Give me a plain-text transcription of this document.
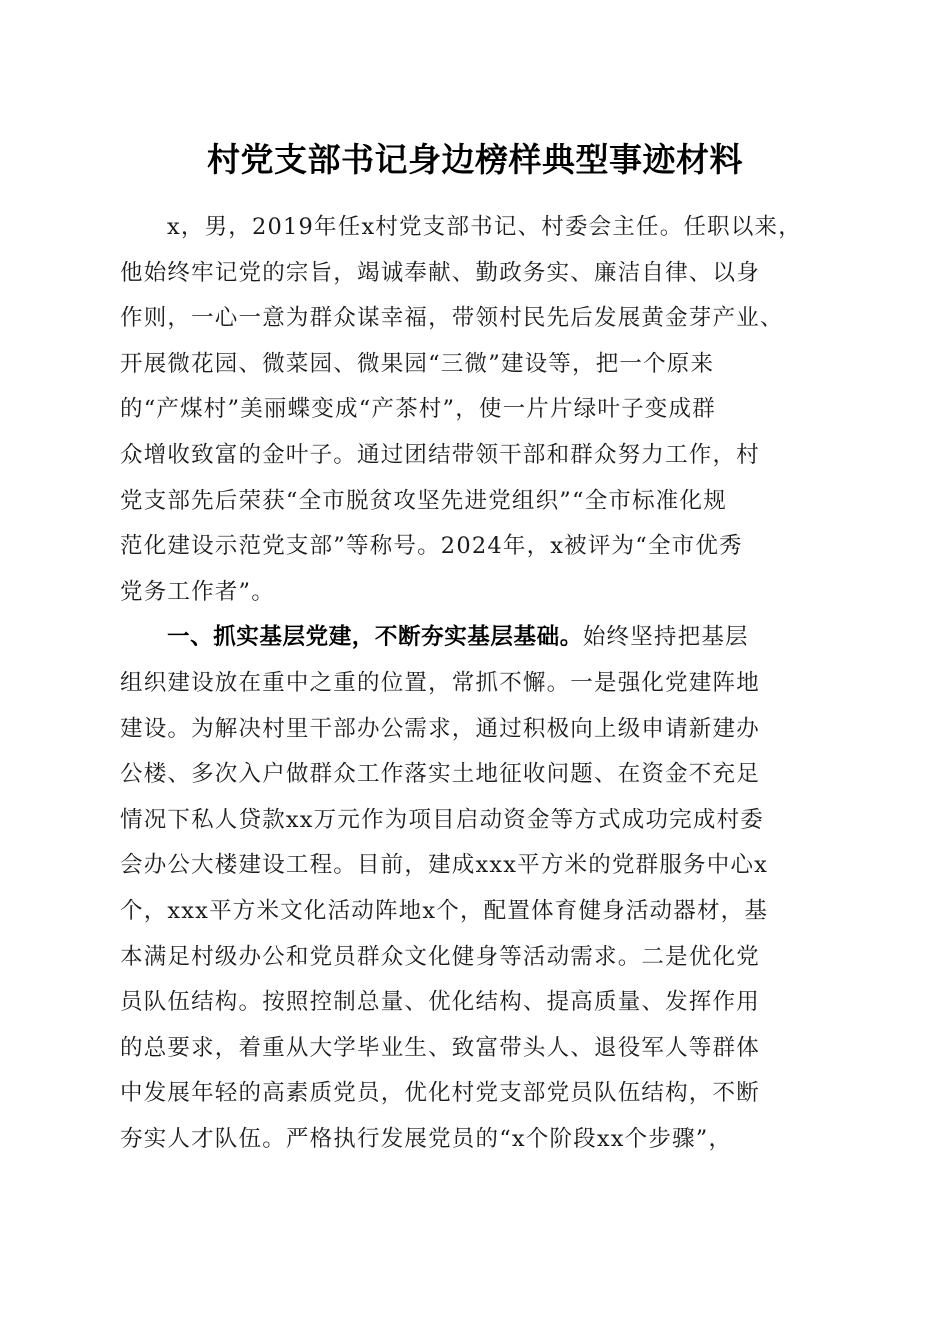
村党支部书记身边榜样典型事迹材料

x，男，2019年任x村党支部书记、村委会主任。任职以来，
他始终牢记党的宗旨，竭诚奉献、勤政务实、廉洁自律、以身
作则，一心一意为群众谋幸福，带领村民先后发展黄金芽产业、
开展微花园、微菜园、微果园“三微”建设等，把一个原来
的“产煤村”美丽蝶变成“产茶村”，使一片片绿叶子变成群
众增收致富的金叶子。通过团结带领干部和群众努力工作，村
党支部先后荣获“全市脱贫攻坚先进党组织”“全市标准化规
范化建设示范党支部”等称号。2024年，x被评为“全市优秀
党务工作者”。

一、抓实基层党建，不断夯实基层基础。始终坚持把基层
组织建设放在重中之重的位置，常抓不懈。一是强化党建阵地
建设。为解决村里干部办公需求，通过积极向上级申请新建办
公楼、多次入户做群众工作落实土地征收问题、在资金不充足
情况下私人贷款xx万元作为项目启动资金等方式成功完成村委
会办公大楼建设工程。目前，建成xxx平方米的党群服务中心x
个，xxx平方米文化活动阵地x个，配置体育健身活动器材，基
本满足村级办公和党员群众文化健身等活动需求。二是优化党
员队伍结构。按照控制总量、优化结构、提高质量、发挥作用
的总要求，着重从大学毕业生、致富带头人、退役军人等群体
中发展年轻的高素质党员，优化村党支部党员队伍结构，不断
夯实人才队伍。严格执行发展党员的“x个阶段xx个步骤”，
